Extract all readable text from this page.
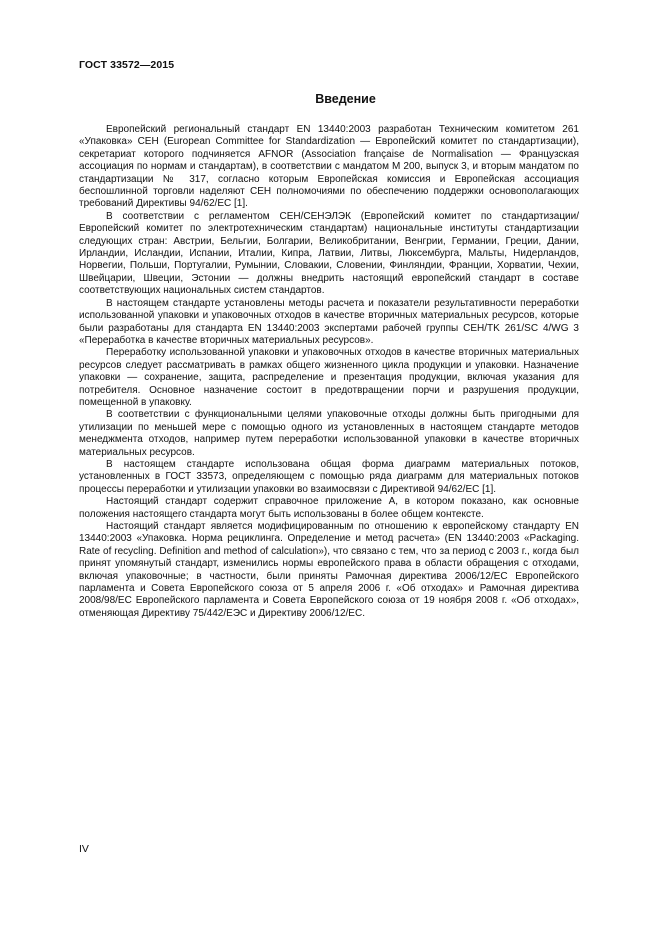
ГОСТ 33572—2015
Введение

Европейский региональный стандарт EN 13440:2003 разработан Техническим комитетом 261 «Упаковка» CEH (European Committee for Standardization — Европейский комитет по стандартизации), секретариат которого подчиняется AFNOR (Association française de Normalisation — Французская ассоциация по нормам и стандартам), в соответствии с мандатом М 200, выпуск 3, и вторым мандатом по стандартизации № 317, согласно которым Европейская комиссия и Европейская ассоциация беспошлинной торговли наделяют CEH полномочиями по обеспечению поддержки основополагающих требований Директивы 94/62/EC [1].

В соответствии с регламентом CEH/СЕНЭЛЭК (Европейский комитет по стандартизации/Европейский комитет по электротехническим стандартам) национальные институты стандартизации следующих стран: Австрии, Бельгии, Болгарии, Великобритании, Венгрии, Германии, Греции, Дании, Ирландии, Исландии, Испании, Италии, Кипра, Латвии, Литвы, Люксембурга, Мальты, Нидерландов, Норвегии, Польши, Португалии, Румынии, Словакии, Словении, Финляндии, Франции, Хорватии, Чехии, Швейцарии, Швеции, Эстонии — должны внедрить настоящий европейский стандарт в составе соответствующих национальных систем стандартов.

В настоящем стандарте установлены методы расчета и показатели результативности переработки использованной упаковки и упаковочных отходов в качестве вторичных материальных ресурсов, которые были разработаны для стандарта EN 13440:2003 экспертами рабочей группы CEH/TK 261/SC 4/WG 3 «Переработка в качестве вторичных материальных ресурсов».

Переработку использованной упаковки и упаковочных отходов в качестве вторичных материальных ресурсов следует рассматривать в рамках общего жизненного цикла продукции и упаковки. Назначение упаковки — сохранение, защита, распределение и презентация продукции, включая указания для потребителя. Основное назначение состоит в предотвращении порчи и разрушения продукции, помещенной в упаковку.

В соответствии с функциональными целями упаковочные отходы должны быть пригодными для утилизации по меньшей мере с помощью одного из установленных в настоящем стандарте методов менеджмента отходов, например путем переработки использованной упаковки в качестве вторичных материальных ресурсов.

В настоящем стандарте использована общая форма диаграмм материальных потоков, установленных в ГОСТ 33573, определяющем с помощью ряда диаграмм для материальных потоков процессы переработки и утилизации упаковки во взаимосвязи с Директивой 94/62/EC [1].

Настоящий стандарт содержит справочное приложение А, в котором показано, как основные положения настоящего стандарта могут быть использованы в более общем контексте.

Настоящий стандарт является модифицированным по отношению к европейскому стандарту EN 13440:2003 «Упаковка. Норма рециклинга. Определение и метод расчета» (EN 13440:2003 «Packaging. Rate of recycling. Definition and method of calculation»), что связано с тем, что за период с 2003 г., когда был принят упомянутый стандарт, изменились нормы европейского права в области обращения с отходами, включая упаковочные; в частности, были приняты Рамочная директива 2006/12/EC Европейского парламента и Совета Европейского союза от 5 апреля 2006 г. «Об отходах» и Рамочная директива 2008/98/EC Европейского парламента и Совета Европейского союза от 19 ноября 2008 г. «Об отходах», отменяющая Директиву 75/442/ЕЭС и Директиву 2006/12/EC.

IV
